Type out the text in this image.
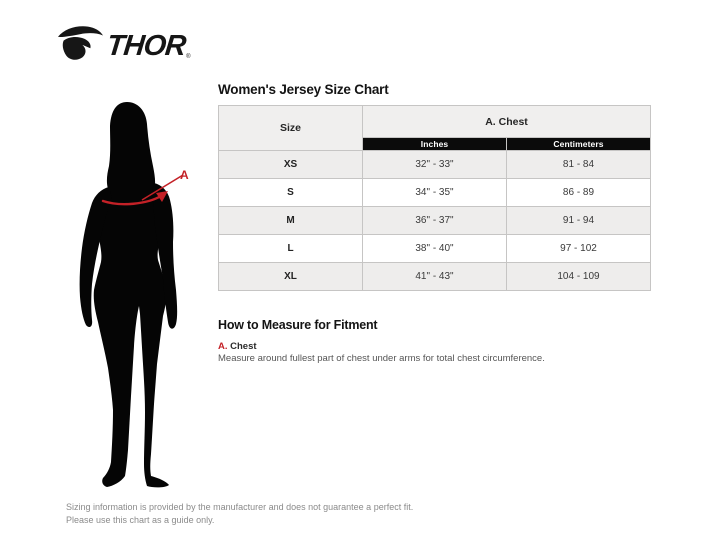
THOR ®
A
Women's Jersey Size Chart
Size	A. Chest	
	Inches	Centimeters
XS	32" - 33"	81 - 84
S	34" - 35"	86 - 89
M	36" - 37"	91 - 94
L	38" - 40"	97 - 102
XL	41" - 43"	104 - 109
How to Measure for Fitment
A. Chest
Measure around fullest part of chest under arms for total chest circumference.
Sizing information is provided by the manufacturer and does not guarantee a perfect fit.
Please use this chart as a guide only.
